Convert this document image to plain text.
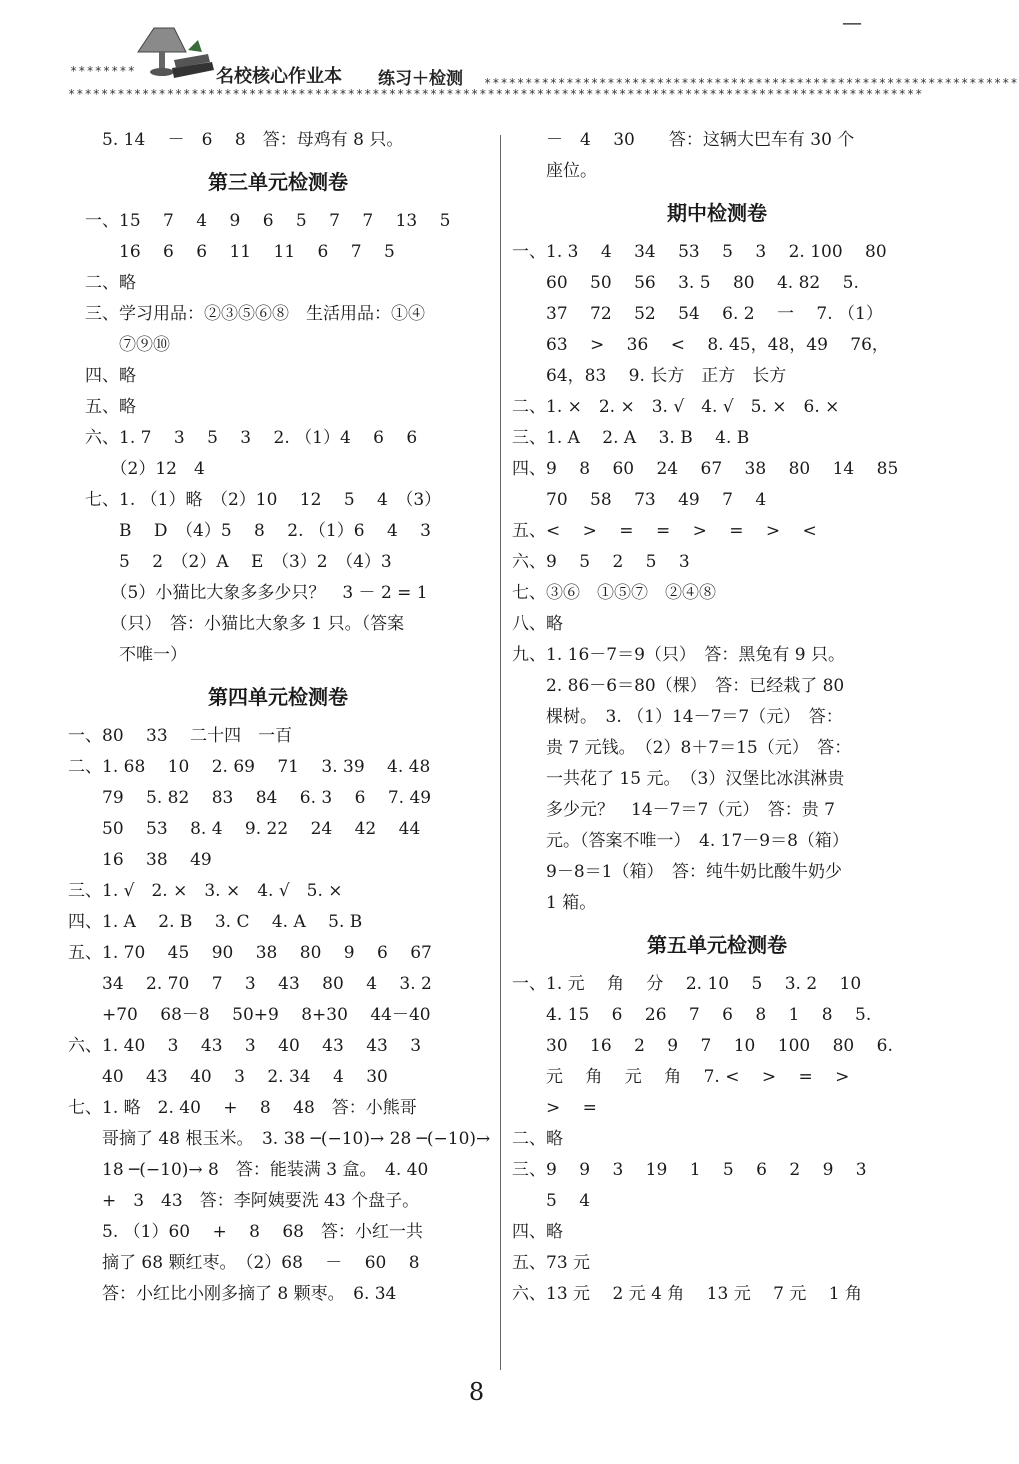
********	名校核心作业本 练习＋检测 *****************************************************************
********************************************************************************************************
—
　　5. 14　 －　6　 8　答：母鸡有 8 只。
第三单元检测卷
　一、15　 7　 4　 9　 6　 5　 7　 7　 13　 5
　　　16　 6　 6　 11　 11　 6　 7　 5
　二、略
　三、学习用品：②③⑤⑥⑧　生活用品：①④
　　　⑦⑨⑩
　四、略
　五、略
　六、1. 7　 3　 5　 3　 2. （1）4　 6　 6
　　　（2）12　4
　七、1. （1）略　（2）10　 12　 5　 4　（3）
　　　B　 D　（4）5　 8　 2. （1）6　 4　 3
　　　5　 2　（2）A　 E　（3）2　（4）3
　　　（5）小猫比大象多多少只？　3 － 2 = 1
　　　（只）　答：小猫比大象多 1 只。（答案
　　　不唯一）
第四单元检测卷
一、80　 33　 二十四　一百
二、1. 68　 10　 2. 69　 71　 3. 39　 4. 48
　　79　 5. 82　 83　 84　 6. 3　 6　 7. 49
　　50　 53　 8. 4　 9. 22　 24　 42　 44
　　16　 38　 49
三、1. √　2. ×　3. ×　4. √　5. ×
四、1. A　 2. B　 3. C　 4. A　 5. B
五、1. 70　 45　 90　 38　 80　 9　 6　 67
　　34　 2. 70　 7　 3　 43　 80　 4　 3. 2
　　+70　 68－8　 50+9　 8+30　 44－40
六、1. 40　 3　 43　 3　 40　 43　 43　 3
　　40　 43　 40　 3　 2. 34　 4　 30
七、1. 略　2. 40　 +　 8　 48　答：小熊哥
　　哥摘了 48 根玉米。　3. 38 ─(−10)→ 28 ─(−10)→
　　18 ─(−10)→ 8　答：能装满 3 盒。　4. 40
　　+　3　43　答：李阿姨要洗 43 个盘子。
　　5. （1）60　 +　 8　 68　答：小红一共
　　摘了 68 颗红枣。　（2）68　 －　 60　 8
　　答：小红比小刚多摘了 8 颗枣。　6. 34
　　－　4　 30　　答：这辆大巴车有 30 个
　　座位。
期中检测卷
一、1. 3　 4　 34　 53　 5　 3　 2. 100　 80
　　60　 50　 56　 3. 5　 80　 4. 82　 5.
　　37　 72　 52　 54　 6. 2　 一　 7. （1）
　　63　 >　 36　 <　 8. 45，48，49　 76，
　　64，83　 9. 长方　正方　长方
二、1. ×　2. ×　3. √　4. √　5. ×　6. ×
三、1. A　 2. A　 3. B　 4. B
四、9　 8　 60　 24　 67　 38　 80　 14　 85
　　70　 58　 73　 49　 7　 4
五、<　 >　 =　 =　 >　 =　 >　 <
六、9　 5　 2　 5　 3
七、③⑥　①⑤⑦　②④⑧
八、略
九、1. 16－7＝9（只）　答：黑兔有 9 只。
　　2. 86－6＝80（棵）　答：已经栽了 80
　　棵树。　3. （1）14－7＝7（元）　答：
　　贵 7 元钱。　（2）8＋7＝15（元）　答：
　　一共花了 15 元。　（3）汉堡比冰淇淋贵
　　多少元？　14－7＝7（元）　答：贵 7
　　元。（答案不唯一）　4. 17－9＝8（箱）
　　9－8＝1（箱）　答：纯牛奶比酸牛奶少
　　1 箱。
第五单元检测卷
一、1. 元　 角　 分　 2. 10　 5　 3. 2　 10
　　4. 15　 6　 26　 7　 6　 8　 1　 8　 5.
　　30　 16　 2　 9　 7　 10　 100　 80　 6.
　　元　 角　 元　 角　 7. <　 >　 =　 >
　　>　 =
二、略
三、9　 9　 3　 19　 1　 5　 6　 2　 9　 3
　　5　 4
四、略
五、73 元
六、13 元　 2 元 4 角　 13 元　 7 元　 1 角
8
